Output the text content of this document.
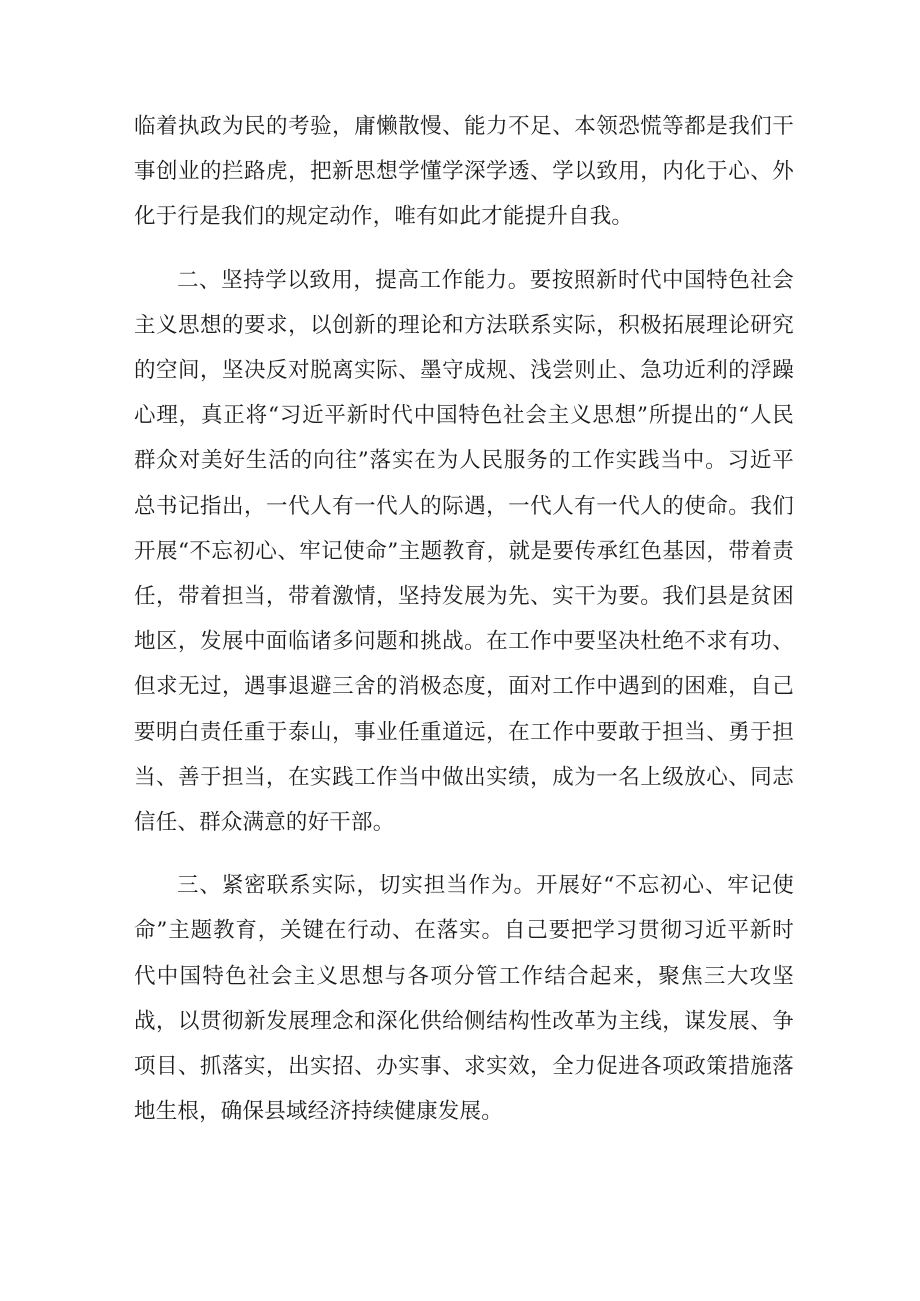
临着执政为民的考验，庸懒散慢、能力不足、本领恐慌等都是我们干事创业的拦路虎，把新思想学懂学深学透、学以致用，内化于心、外化于行是我们的规定动作，唯有如此才能提升自我。

二、坚持学以致用，提高工作能力。要按照新时代中国特色社会主义思想的要求，以创新的理论和方法联系实际，积极拓展理论研究的空间，坚决反对脱离实际、墨守成规、浅尝则止、急功近利的浮躁心理，真正将“习近平新时代中国特色社会主义思想”所提出的“人民群众对美好生活的向往”落实在为人民服务的工作实践当中。习近平总书记指出，一代人有一代人的际遇，一代人有一代人的使命。我们开展“不忘初心、牢记使命”主题教育，就是要传承红色基因，带着责任，带着担当，带着激情，坚持发展为先、实干为要。我们县是贫困地区，发展中面临诸多问题和挑战。在工作中要坚决杜绝不求有功、但求无过，遇事退避三舍的消极态度，面对工作中遇到的困难，自己要明白责任重于泰山，事业任重道远，在工作中要敢于担当、勇于担当、善于担当，在实践工作当中做出实绩，成为一名上级放心、同志信任、群众满意的好干部。

三、紧密联系实际，切实担当作为。开展好“不忘初心、牢记使命”主题教育，关键在行动、在落实。自己要把学习贯彻习近平新时代中国特色社会主义思想与各项分管工作结合起来，聚焦三大攻坚战，以贯彻新发展理念和深化供给侧结构性改革为主线，谋发展、争项目、抓落实，出实招、办实事、求实效，全力促进各项政策措施落地生根，确保县域经济持续健康发展。
